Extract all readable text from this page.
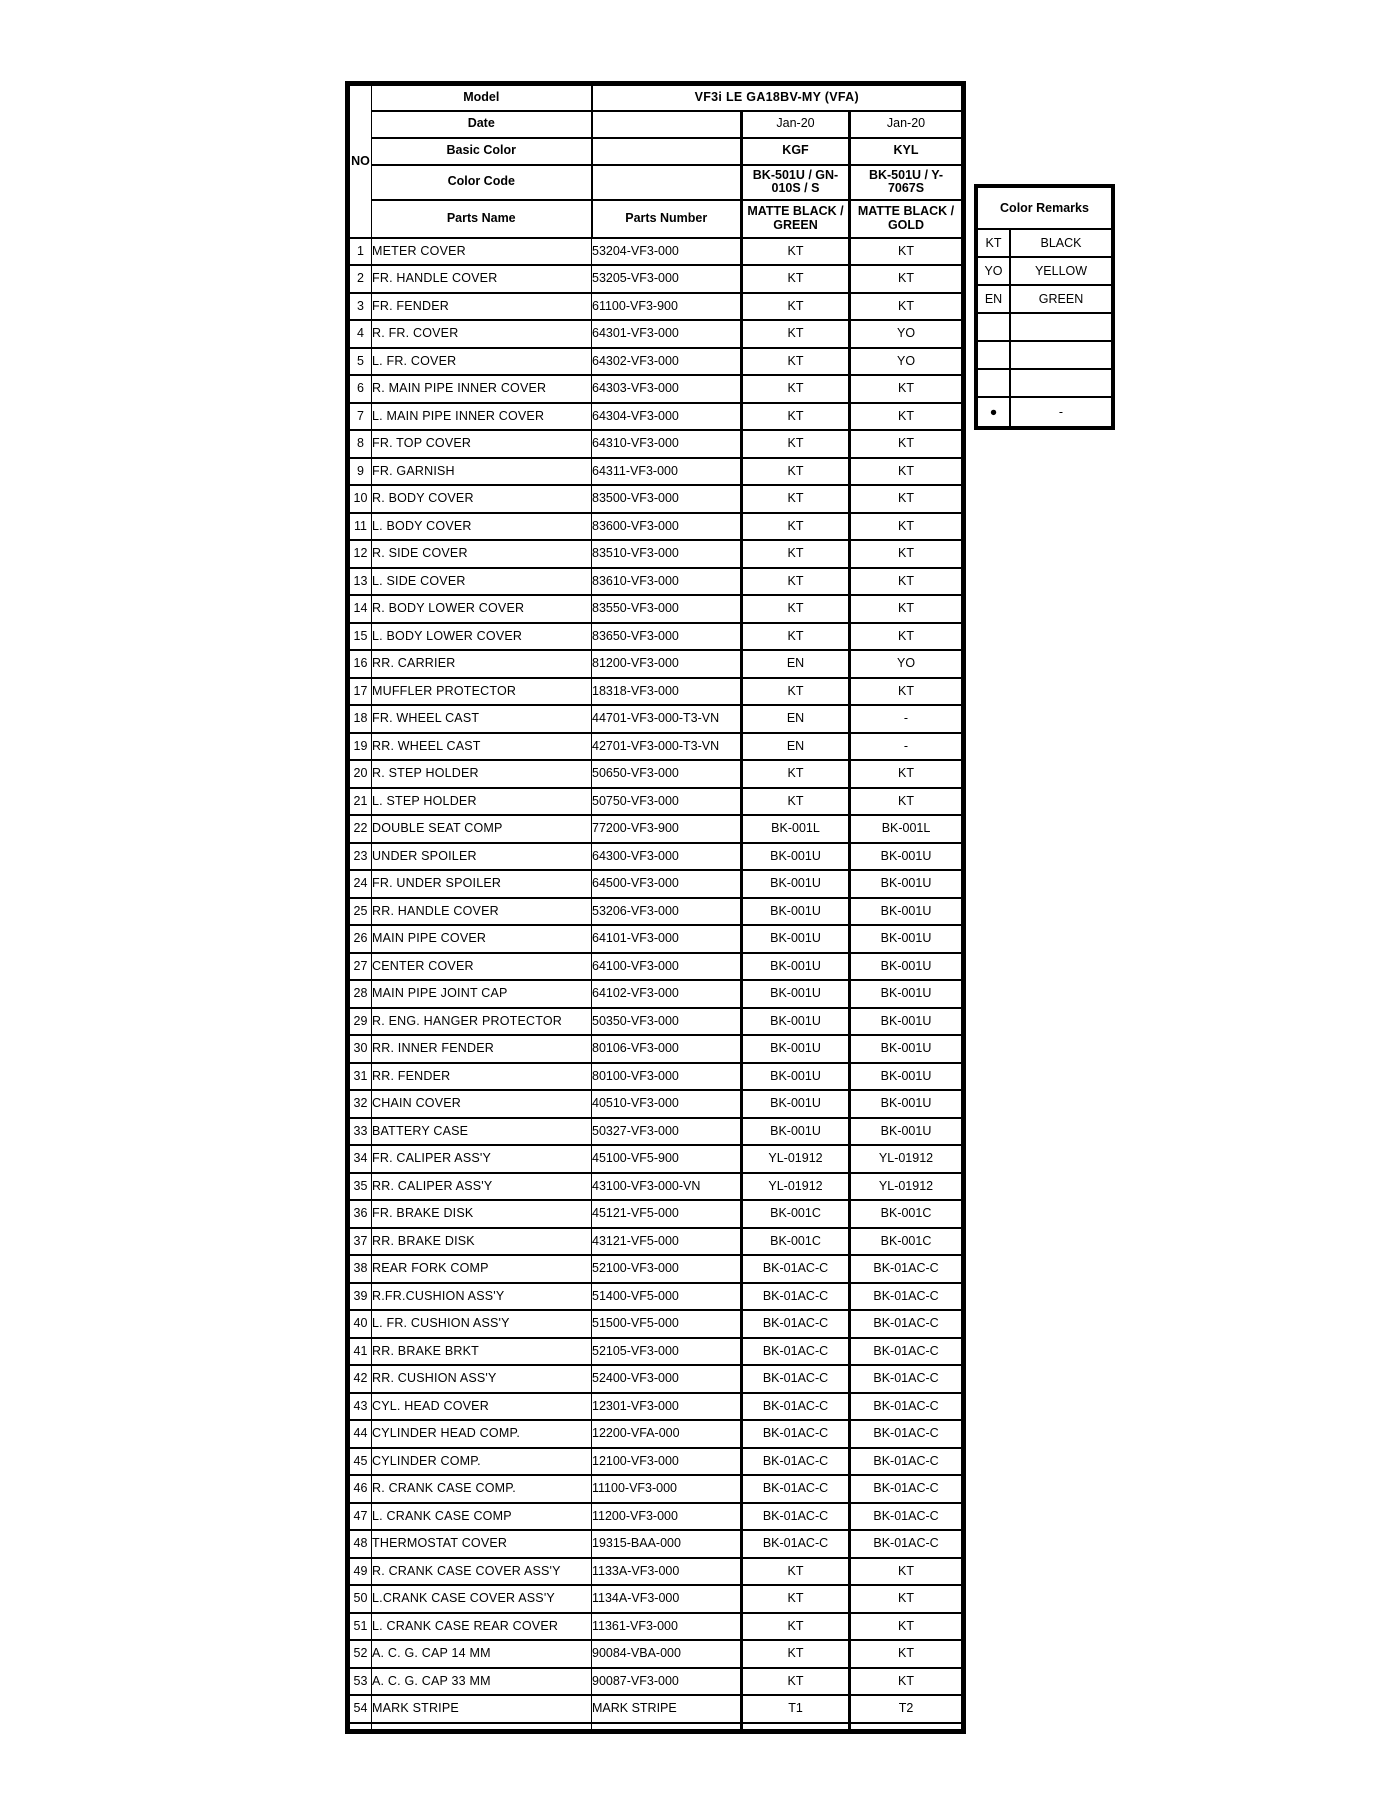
NO	Model	VF3i LE GA18BV-MY (VFA)		
	Date		Jan-20	Jan-20
	Basic Color		KGF	KYL
	Color Code		BK-501U / GN-010S / S	BK-501U / Y-7067S
	Parts Name	Parts Number	MATTE BLACK / GREEN	MATTE BLACK / GOLD
1	METER COVER	53204-VF3-000	KT	KT
2	FR. HANDLE COVER	53205-VF3-000	KT	KT
3	FR. FENDER	61100-VF3-900	KT	KT
4	R. FR. COVER	64301-VF3-000	KT	YO
5	L. FR. COVER	64302-VF3-000	KT	YO
6	R. MAIN PIPE INNER COVER	64303-VF3-000	KT	KT
7	L. MAIN PIPE INNER COVER	64304-VF3-000	KT	KT
8	FR. TOP COVER	64310-VF3-000	KT	KT
9	FR. GARNISH	64311-VF3-000	KT	KT
10	R. BODY COVER	83500-VF3-000	KT	KT
11	L. BODY COVER	83600-VF3-000	KT	KT
12	R. SIDE COVER	83510-VF3-000	KT	KT
13	L. SIDE COVER	83610-VF3-000	KT	KT
14	R. BODY LOWER COVER	83550-VF3-000	KT	KT
15	L. BODY LOWER COVER	83650-VF3-000	KT	KT
16	RR. CARRIER	81200-VF3-000	EN	YO
17	MUFFLER PROTECTOR	18318-VF3-000	KT	KT
18	FR. WHEEL CAST	44701-VF3-000-T3-VN	EN	-
19	RR. WHEEL CAST	42701-VF3-000-T3-VN	EN	-
20	R. STEP HOLDER	50650-VF3-000	KT	KT
21	L. STEP HOLDER	50750-VF3-000	KT	KT
22	DOUBLE SEAT COMP	77200-VF3-900	BK-001L	BK-001L
23	UNDER SPOILER	64300-VF3-000	BK-001U	BK-001U
24	FR. UNDER SPOILER	64500-VF3-000	BK-001U	BK-001U
25	RR. HANDLE COVER	53206-VF3-000	BK-001U	BK-001U
26	MAIN PIPE COVER	64101-VF3-000	BK-001U	BK-001U
27	CENTER COVER	64100-VF3-000	BK-001U	BK-001U
28	MAIN PIPE JOINT CAP	64102-VF3-000	BK-001U	BK-001U
29	R. ENG. HANGER PROTECTOR	50350-VF3-000	BK-001U	BK-001U
30	RR. INNER FENDER	80106-VF3-000	BK-001U	BK-001U
31	RR. FENDER	80100-VF3-000	BK-001U	BK-001U
32	CHAIN COVER	40510-VF3-000	BK-001U	BK-001U
33	BATTERY CASE	50327-VF3-000	BK-001U	BK-001U
34	FR. CALIPER ASS'Y	45100-VF5-900	YL-01912	YL-01912
35	RR. CALIPER ASS'Y	43100-VF3-000-VN	YL-01912	YL-01912
36	FR. BRAKE DISK	45121-VF5-000	BK-001C	BK-001C
37	RR. BRAKE DISK	43121-VF5-000	BK-001C	BK-001C
38	REAR FORK COMP	52100-VF3-000	BK-01AC-C	BK-01AC-C
39	R.FR.CUSHION ASS'Y	51400-VF5-000	BK-01AC-C	BK-01AC-C
40	L. FR. CUSHION ASS'Y	51500-VF5-000	BK-01AC-C	BK-01AC-C
41	RR. BRAKE BRKT	52105-VF3-000	BK-01AC-C	BK-01AC-C
42	RR. CUSHION ASS'Y	52400-VF3-000	BK-01AC-C	BK-01AC-C
43	CYL. HEAD COVER	12301-VF3-000	BK-01AC-C	BK-01AC-C
44	CYLINDER HEAD COMP.	12200-VFA-000	BK-01AC-C	BK-01AC-C
45	CYLINDER COMP.	12100-VF3-000	BK-01AC-C	BK-01AC-C
46	R. CRANK CASE COMP.	11100-VF3-000	BK-01AC-C	BK-01AC-C
47	L. CRANK CASE COMP	11200-VF3-000	BK-01AC-C	BK-01AC-C
48	THERMOSTAT COVER	19315-BAA-000	BK-01AC-C	BK-01AC-C
49	R. CRANK CASE COVER ASS'Y	1133A-VF3-000	KT	KT
50	L.CRANK CASE COVER ASS'Y	1134A-VF3-000	KT	KT
51	L. CRANK CASE REAR COVER	11361-VF3-000	KT	KT
52	A. C. G. CAP 14 MM	90084-VBA-000	KT	KT
53	A. C. G. CAP 33 MM	90087-VF3-000	KT	KT
54	MARK STRIPE	MARK STRIPE	T1	T2

Color Remarks	
KT	BLACK
YO	YELLOW
EN	GREEN

●	-
